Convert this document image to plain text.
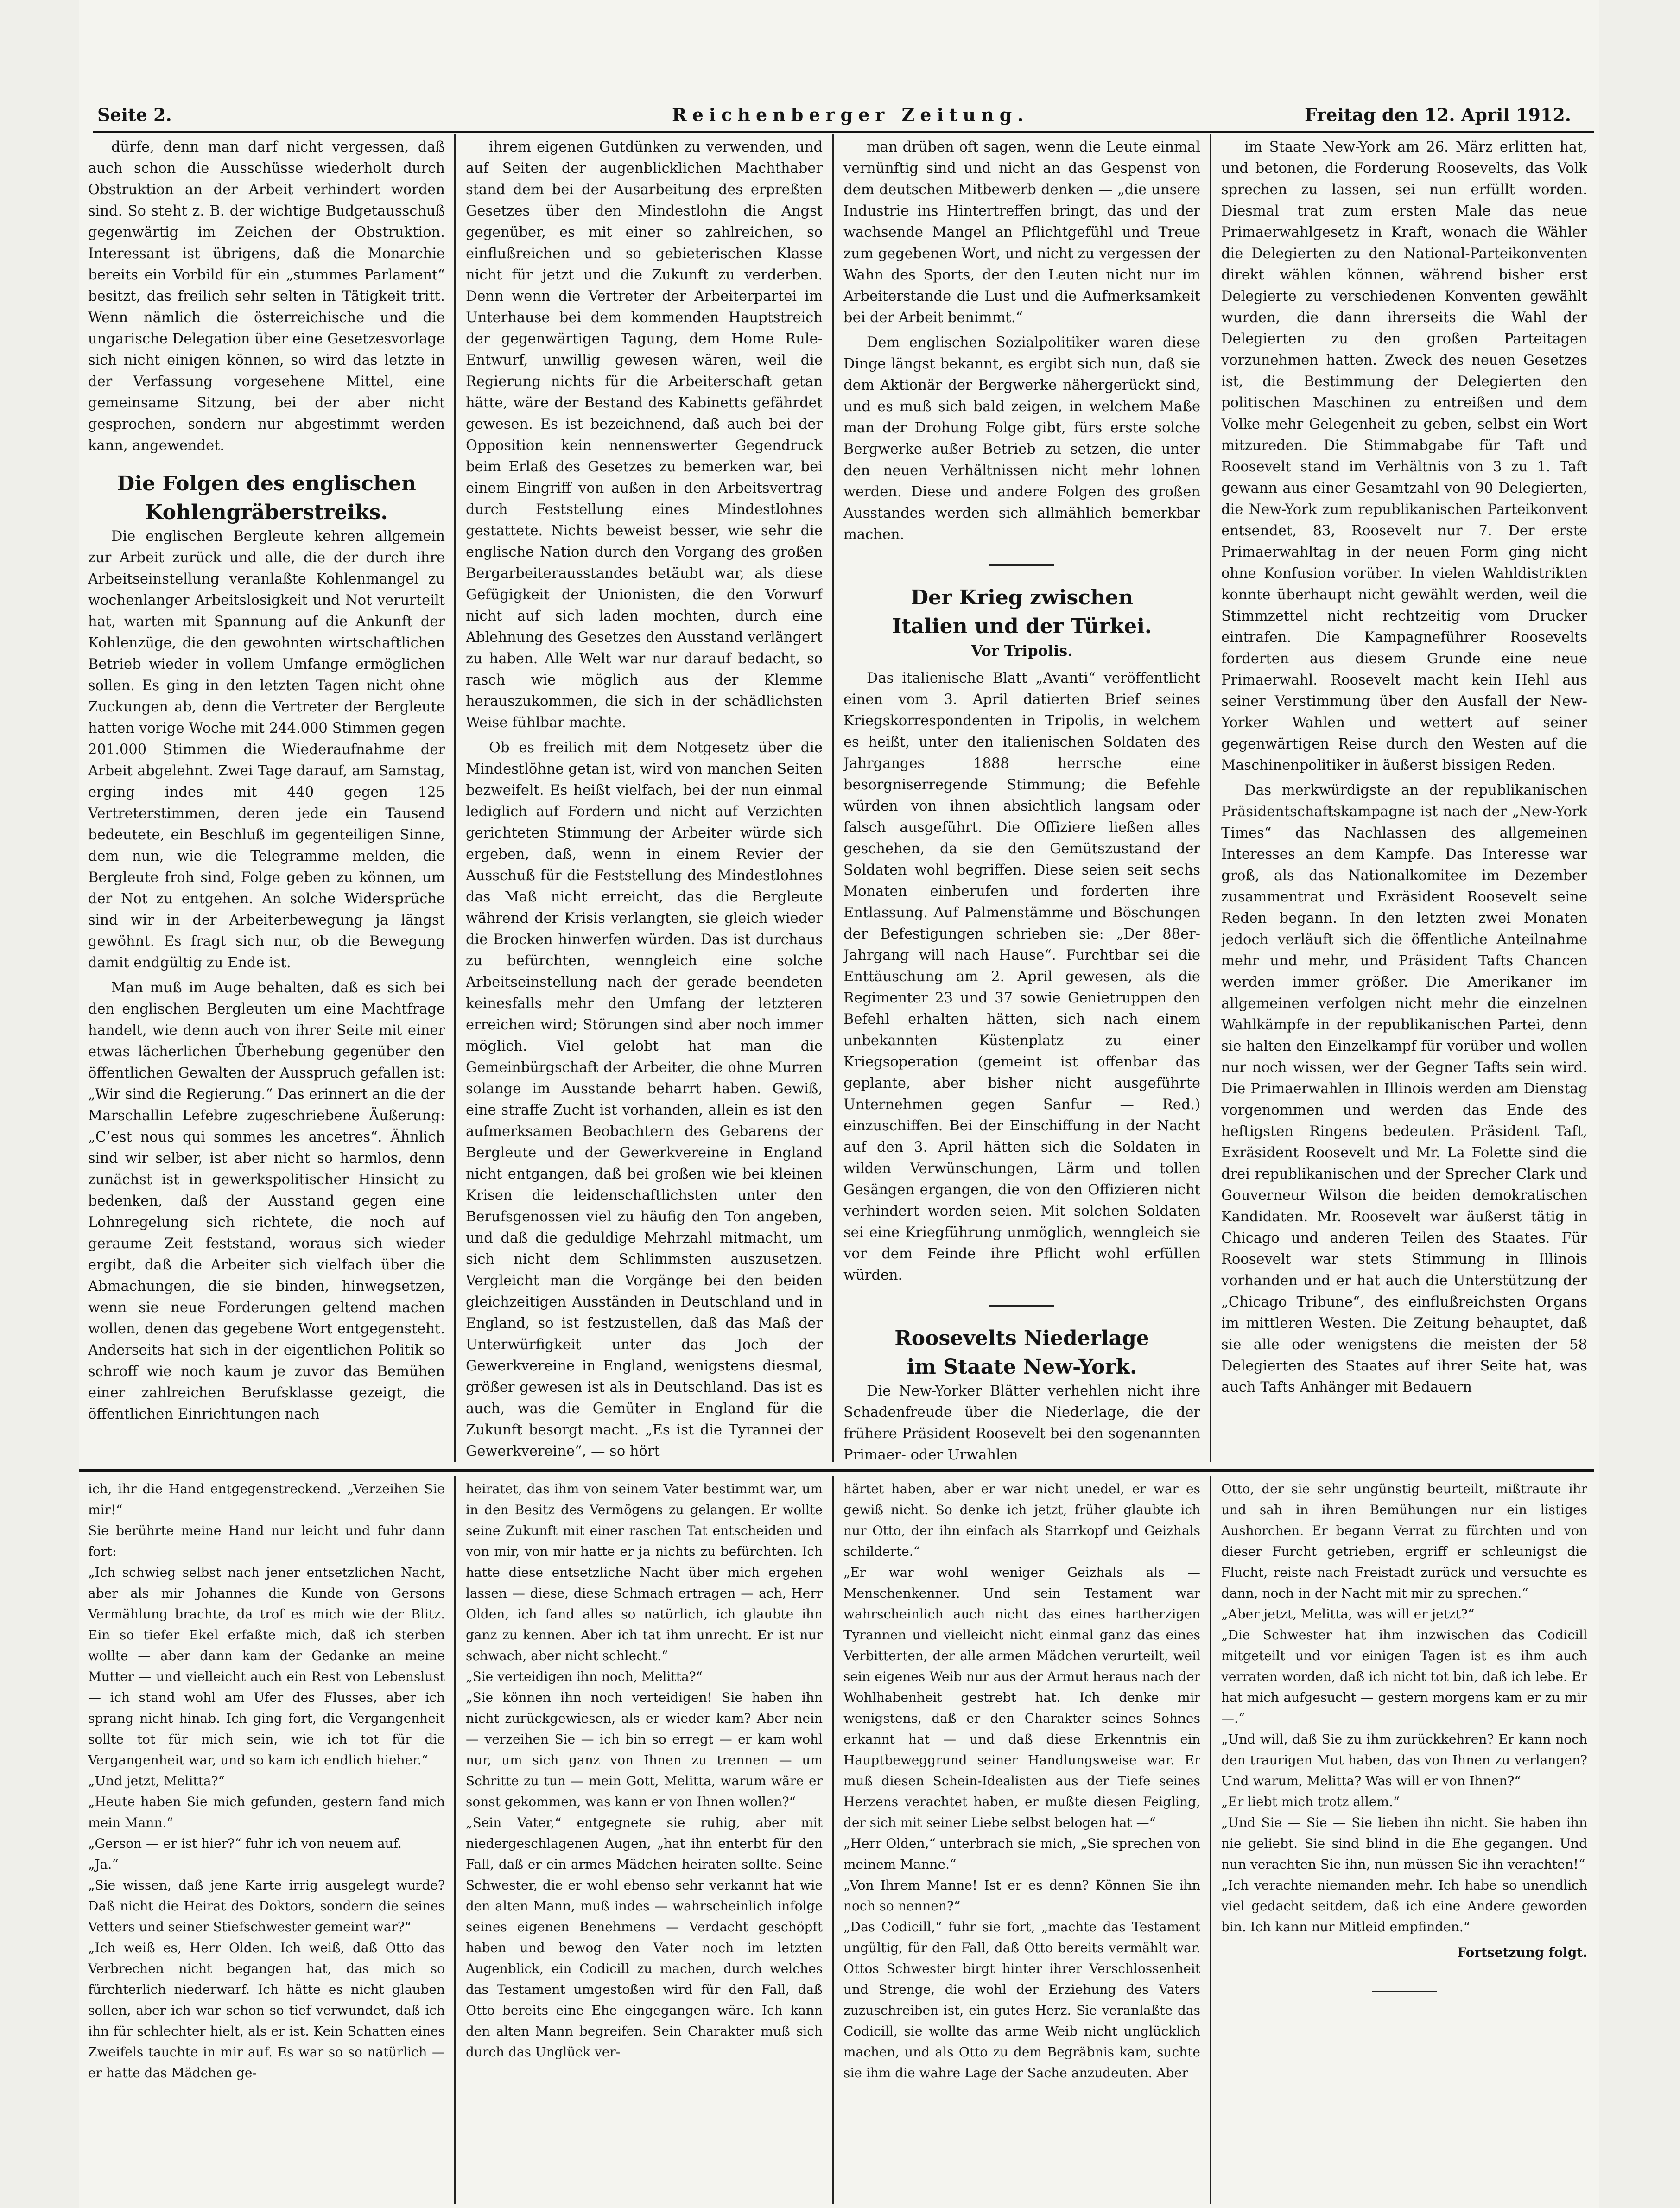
Seite 2.	Reichenberger Zeitung.	Freitag den 12. April 1912.

dürfe, denn man darf nicht vergessen, daß auch schon die Ausschüsse wiederholt durch Obstruktion an der Arbeit verhindert worden sind. So steht z. B. der wichtige Budgetausschuß gegenwärtig im Zeichen der Obstruktion. Interessant ist übrigens, daß die Monarchie bereits ein Vorbild für ein „stummes Parlament“ besitzt, das freilich sehr selten in Tätigkeit tritt. Wenn nämlich die österreichische und die ungarische Delegation über eine Gesetzesvorlage sich nicht einigen können, so wird das letzte in der Verfassung vorgesehene Mittel, eine gemeinsame Sitzung, bei der aber nicht gesprochen, sondern nur abgestimmt werden kann, angewendet.

Die Folgen des englischen
Kohlengräberstreiks.

Die englischen Bergleute kehren allgemein zur Arbeit zurück und alle, die der durch ihre Arbeitseinstellung veranlaßte Kohlenmangel zu wochenlanger Arbeitslosigkeit und Not verurteilt hat, warten mit Spannung auf die Ankunft der Kohlenzüge, die den gewohnten wirtschaftlichen Betrieb wieder in vollem Umfange ermöglichen sollen. Es ging in den letzten Tagen nicht ohne Zuckungen ab, denn die Vertreter der Bergleute hatten vorige Woche mit 244.000 Stimmen gegen 201.000 Stimmen die Wiederaufnahme der Arbeit abgelehnt. Zwei Tage darauf, am Samstag, erging indes mit 440 gegen 125 Vertreterstimmen, deren jede ein Tausend bedeutete, ein Beschluß im gegenteiligen Sinne, dem nun, wie die Telegramme melden, die Bergleute froh sind, Folge geben zu können, um der Not zu entgehen. An solche Widersprüche sind wir in der Arbeiterbewegung ja längst gewöhnt. Es fragt sich nur, ob die Bewegung damit endgültig zu Ende ist.

Man muß im Auge behalten, daß es sich bei den englischen Bergleuten um eine Machtfrage handelt, wie denn auch von ihrer Seite mit einer etwas lächerlichen Überhebung gegenüber den öffentlichen Gewalten der Ausspruch gefallen ist: „Wir sind die Regierung.“ Das erinnert an die der Marschallin Lefebre zugeschriebene Äußerung: „C’est nous qui sommes les ancetres“. Ähnlich sind wir selber, ist aber nicht so harmlos, denn zunächst ist in gewerkspolitischer Hinsicht zu bedenken, daß der Ausstand gegen eine Lohnregelung sich richtete, die noch auf geraume Zeit feststand, woraus sich wieder ergibt, daß die Arbeiter sich vielfach über die Abmachungen, die sie binden, hinwegsetzen, wenn sie neue Forderungen geltend machen wollen, denen das gegebene Wort entgegensteht. Anderseits hat sich in der eigentlichen Politik so schroff wie noch kaum je zuvor das Bemühen einer zahlreichen Berufsklasse gezeigt, die öffentlichen Einrichtungen nach

ihrem eigenen Gutdünken zu verwenden, und auf Seiten der augenblicklichen Machthaber stand dem bei der Ausarbeitung des erpreßten Gesetzes über den Mindestlohn die Angst gegenüber, es mit einer so zahlreichen, so einflußreichen und so gebieterischen Klasse nicht für jetzt und die Zukunft zu verderben. Denn wenn die Vertreter der Arbeiterpartei im Unterhause bei dem kommenden Hauptstreich der gegenwärtigen Tagung, dem Home Rule-Entwurf, unwillig gewesen wären, weil die Regierung nichts für die Arbeiterschaft getan hätte, wäre der Bestand des Kabinetts gefährdet gewesen. Es ist bezeichnend, daß auch bei der Opposition kein nennenswerter Gegendruck beim Erlaß des Gesetzes zu bemerken war, bei einem Eingriff von außen in den Arbeitsvertrag durch Feststellung eines Mindestlohnes gestattete. Nichts beweist besser, wie sehr die englische Nation durch den Vorgang des großen Bergarbeiterausstandes betäubt war, als diese Gefügigkeit der Unionisten, die den Vorwurf nicht auf sich laden mochten, durch eine Ablehnung des Gesetzes den Ausstand verlängert zu haben. Alle Welt war nur darauf bedacht, so rasch wie möglich aus der Klemme herauszukommen, die sich in der schädlichsten Weise fühlbar machte.

Ob es freilich mit dem Notgesetz über die Mindestlöhne getan ist, wird von manchen Seiten bezweifelt. Es heißt vielfach, bei der nun einmal lediglich auf Fordern und nicht auf Verzichten gerichteten Stimmung der Arbeiter würde sich ergeben, daß, wenn in einem Revier der Ausschuß für die Feststellung des Mindestlohnes das Maß nicht erreicht, das die Bergleute während der Krisis verlangten, sie gleich wieder die Brocken hinwerfen würden. Das ist durchaus zu befürchten, wenngleich eine solche Arbeitseinstellung nach der gerade beendeten keinesfalls mehr den Umfang der letzteren erreichen wird; Störungen sind aber noch immer möglich. Viel gelobt hat man die Gemeinbürgschaft der Arbeiter, die ohne Murren solange im Ausstande beharrt haben. Gewiß, eine straffe Zucht ist vorhanden, allein es ist den aufmerksamen Beobachtern des Gebarens der Bergleute und der Gewerkvereine in England nicht entgangen, daß bei großen wie bei kleinen Krisen die leidenschaftlichsten unter den Berufsgenossen viel zu häufig den Ton angeben, und daß die geduldige Mehrzahl mitmacht, um sich nicht dem Schlimmsten auszusetzen. Vergleicht man die Vorgänge bei den beiden gleichzeitigen Ausständen in Deutschland und in England, so ist festzustellen, daß das Maß der Unterwürfigkeit unter das Joch der Gewerkvereine in England, wenigstens diesmal, größer gewesen ist als in Deutschland. Das ist es auch, was die Gemüter in England für die Zukunft besorgt macht. „Es ist die Tyrannei der Gewerkvereine“, — so hört

man drüben oft sagen, wenn die Leute einmal vernünftig sind und nicht an das Gespenst von dem deutschen Mitbewerb denken — „die unsere Industrie ins Hintertreffen bringt, das und der wachsende Mangel an Pflichtgefühl und Treue zum gegebenen Wort, und nicht zu vergessen der Wahn des Sports, der den Leuten nicht nur im Arbeiterstande die Lust und die Aufmerksamkeit bei der Arbeit benimmt.“

Dem englischen Sozialpolitiker waren diese Dinge längst bekannt, es ergibt sich nun, daß sie dem Aktionär der Bergwerke nähergerückt sind, und es muß sich bald zeigen, in welchem Maße man der Drohung Folge gibt, fürs erste solche Bergwerke außer Betrieb zu setzen, die unter den neuen Verhältnissen nicht mehr lohnen werden. Diese und andere Folgen des großen Ausstandes werden sich allmählich bemerkbar machen.

Der Krieg zwischen
Italien und der Türkei.
Vor Tripolis.

Das italienische Blatt „Avanti“ veröffentlicht einen vom 3. April datierten Brief seines Kriegskorrespondenten in Tripolis, in welchem es heißt, unter den italienischen Soldaten des Jahrganges 1888 herrsche eine besorgniserregende Stimmung; die Befehle würden von ihnen absichtlich langsam oder falsch ausgeführt. Die Offiziere ließen alles geschehen, da sie den Gemütszustand der Soldaten wohl begriffen. Diese seien seit sechs Monaten einberufen und forderten ihre Entlassung. Auf Palmenstämme und Böschungen der Befestigungen schrieben sie: „Der 88er-Jahrgang will nach Hause“. Furchtbar sei die Enttäuschung am 2. April gewesen, als die Regimenter 23 und 37 sowie Genietruppen den Befehl erhalten hätten, sich nach einem unbekannten Küstenplatz zu einer Kriegsoperation (gemeint ist offenbar das geplante, aber bisher nicht ausgeführte Unternehmen gegen Sanfur — Red.) einzuschiffen. Bei der Einschiffung in der Nacht auf den 3. April hätten sich die Soldaten in wilden Verwünschungen, Lärm und tollen Gesängen ergangen, die von den Offizieren nicht verhindert worden seien. Mit solchen Soldaten sei eine Kriegführung unmöglich, wenngleich sie vor dem Feinde ihre Pflicht wohl erfüllen würden.

Roosevelts Niederlage
im Staate New-York.

Die New-Yorker Blätter verhehlen nicht ihre Schadenfreude über die Niederlage, die der frühere Präsident Roosevelt bei den sogenannten Primaer- oder Urwahlen

im Staate New-York am 26. März erlitten hat, und betonen, die Forderung Roosevelts, das Volk sprechen zu lassen, sei nun erfüllt worden. Diesmal trat zum ersten Male das neue Primaerwahlgesetz in Kraft, wonach die Wähler die Delegierten zu den National-Parteikonventen direkt wählen können, während bisher erst Delegierte zu verschiedenen Konventen gewählt wurden, die dann ihrerseits die Wahl der Delegierten zu den großen Parteitagen vorzunehmen hatten. Zweck des neuen Gesetzes ist, die Bestimmung der Delegierten den politischen Maschinen zu entreißen und dem Volke mehr Gelegenheit zu geben, selbst ein Wort mitzureden. Die Stimmabgabe für Taft und Roosevelt stand im Verhältnis von 3 zu 1. Taft gewann aus einer Gesamtzahl von 90 Delegierten, die New-York zum republikanischen Parteikonvent entsendet, 83, Roosevelt nur 7. Der erste Primaerwahltag in der neuen Form ging nicht ohne Konfusion vorüber. In vielen Wahldistrikten konnte überhaupt nicht gewählt werden, weil die Stimmzettel nicht rechtzeitig vom Drucker eintrafen. Die Kampagneführer Roosevelts forderten aus diesem Grunde eine neue Primaerwahl. Roosevelt macht kein Hehl aus seiner Verstimmung über den Ausfall der New-Yorker Wahlen und wettert auf seiner gegenwärtigen Reise durch den Westen auf die Maschinenpolitiker in äußerst bissigen Reden.

Das merkwürdigste an der republikanischen Präsidentschaftskampagne ist nach der „New-York Times“ das Nachlassen des allgemeinen Interesses an dem Kampfe. Das Interesse war groß, als das Nationalkomitee im Dezember zusammentrat und Exräsident Roosevelt seine Reden begann. In den letzten zwei Monaten jedoch verläuft sich die öffentliche Anteilnahme mehr und mehr, und Präsident Tafts Chancen werden immer größer. Die Amerikaner im allgemeinen verfolgen nicht mehr die einzelnen Wahlkämpfe in der republikanischen Partei, denn sie halten den Einzelkampf für vorüber und wollen nur noch wissen, wer der Gegner Tafts sein wird. Die Primaerwahlen in Illinois werden am Dienstag vorgenommen und werden das Ende des heftigsten Ringens bedeuten. Präsident Taft, Exräsident Roosevelt und Mr. La Folette sind die drei republikanischen und der Sprecher Clark und Gouverneur Wilson die beiden demokratischen Kandidaten. Mr. Roosevelt war äußerst tätig in Chicago und anderen Teilen des Staates. Für Roosevelt war stets Stimmung in Illinois vorhanden und er hat auch die Unterstützung der „Chicago Tribune“, des einflußreichsten Organs im mittleren Westen. Die Zeitung behauptet, daß sie alle oder wenigstens die meisten der 58 Delegierten des Staates auf ihrer Seite hat, was auch Tafts Anhänger mit Bedauern

ich, ihr die Hand entgegenstreckend. „Verzeihen Sie mir!“
Sie berührte meine Hand nur leicht und fuhr dann fort:
„Ich schwieg selbst nach jener entsetzlichen Nacht, aber als mir Johannes die Kunde von Gersons Vermählung brachte, da trof es mich wie der Blitz. Ein so tiefer Ekel erfaßte mich, daß ich sterben wollte — aber dann kam der Gedanke an meine Mutter — und vielleicht auch ein Rest von Lebenslust — ich stand wohl am Ufer des Flusses, aber ich sprang nicht hinab. Ich ging fort, die Vergangenheit sollte tot für mich sein, wie ich tot für die Vergangenheit war, und so kam ich endlich hieher.“
„Und jetzt, Melitta?“
„Heute haben Sie mich gefunden, gestern fand mich mein Mann.“
„Gerson — er ist hier?“ fuhr ich von neuem auf.
„Ja.“
„Sie wissen, daß jene Karte irrig ausgelegt wurde? Daß nicht die Heirat des Doktors, sondern die seines Vetters und seiner Stiefschwester gemeint war?“
„Ich weiß es, Herr Olden. Ich weiß, daß Otto das Verbrechen nicht begangen hat, das mich so fürchterlich niederwarf. Ich hätte es nicht glauben sollen, aber ich war schon so tief verwundet, daß ich ihn für schlechter hielt, als er ist. Kein Schatten eines Zweifels tauchte in mir auf. Es war so so natürlich — er hatte das Mädchen ge-
heiratet, das ihm von seinem Vater bestimmt war, um in den Besitz des Vermögens zu gelangen. Er wollte seine Zukunft mit einer raschen Tat entscheiden und von mir, von mir hatte er ja nichts zu befürchten. Ich hatte diese entsetzliche Nacht über mich ergehen lassen — diese, diese Schmach ertragen — ach, Herr Olden, ich fand alles so natürlich, ich glaubte ihn ganz zu kennen. Aber ich tat ihm unrecht. Er ist nur schwach, aber nicht schlecht.“
„Sie verteidigen ihn noch, Melitta?“
„Sie können ihn noch verteidigen! Sie haben ihn nicht zurückgewiesen, als er wieder kam? Aber nein — verzeihen Sie — ich bin so erregt — er kam wohl nur, um sich ganz von Ihnen zu trennen — um Schritte zu tun — mein Gott, Melitta, warum wäre er sonst gekommen, was kann er von Ihnen wollen?“
„Sein Vater,“ entgegnete sie ruhig, aber mit niedergeschlagenen Augen, „hat ihn enterbt für den Fall, daß er ein armes Mädchen heiraten sollte. Seine Schwester, die er wohl ebenso sehr verkannt hat wie den alten Mann, muß indes — wahrscheinlich infolge seines eigenen Benehmens — Verdacht geschöpft haben und bewog den Vater noch im letzten Augenblick, ein Codicill zu machen, durch welches das Testament umgestoßen wird für den Fall, daß Otto bereits eine Ehe eingegangen wäre. Ich kann den alten Mann begreifen. Sein Charakter muß sich durch das Unglück ver-
härtet haben, aber er war nicht unedel, er war es gewiß nicht. So denke ich jetzt, früher glaubte ich nur Otto, der ihn einfach als Starrkopf und Geizhals schilderte.“
„Er war wohl weniger Geizhals als — Menschenkenner. Und sein Testament war wahrscheinlich auch nicht das eines hartherzigen Tyrannen und vielleicht nicht einmal ganz das eines Verbitterten, der alle armen Mädchen verurteilt, weil sein eigenes Weib nur aus der Armut heraus nach der Wohlhabenheit gestrebt hat. Ich denke mir wenigstens, daß er den Charakter seines Sohnes erkannt hat — und daß diese Erkenntnis ein Hauptbeweggrund seiner Handlungsweise war. Er muß diesen Schein-Idealisten aus der Tiefe seines Herzens verachtet haben, er mußte diesen Feigling, der sich mit seiner Liebe selbst belogen hat —“
„Herr Olden,“ unterbrach sie mich, „Sie sprechen von meinem Manne.“
„Von Ihrem Manne! Ist er es denn? Können Sie ihn noch so nennen?“
„Das Codicill,“ fuhr sie fort, „machte das Testament ungültig, für den Fall, daß Otto bereits vermählt war. Ottos Schwester birgt hinter ihrer Verschlossenheit und Strenge, die wohl der Erziehung des Vaters zuzuschreiben ist, ein gutes Herz. Sie veranlaßte das Codicill, sie wollte das arme Weib nicht unglücklich machen, und als Otto zu dem Begräbnis kam, suchte sie ihm die wahre Lage der Sache anzudeuten. Aber
Otto, der sie sehr ungünstig beurteilt, mißtraute ihr und sah in ihren Bemühungen nur ein listiges Aushorchen. Er begann Verrat zu fürchten und von dieser Furcht getrieben, ergriff er schleunigst die Flucht, reiste nach Freistadt zurück und versuchte es dann, noch in der Nacht mit mir zu sprechen.“
„Aber jetzt, Melitta, was will er jetzt?“
„Die Schwester hat ihm inzwischen das Codicill mitgeteilt und vor einigen Tagen ist es ihm auch verraten worden, daß ich nicht tot bin, daß ich lebe. Er hat mich aufgesucht — gestern morgens kam er zu mir —.“
„Und will, daß Sie zu ihm zurückkehren? Er kann noch den traurigen Mut haben, das von Ihnen zu verlangen? Und warum, Melitta? Was will er von Ihnen?“
„Er liebt mich trotz allem.“
„Und Sie — Sie — Sie lieben ihn nicht. Sie haben ihn nie geliebt. Sie sind blind in die Ehe gegangen. Und nun verachten Sie ihn, nun müssen Sie ihn verachten!“
„Ich verachte niemanden mehr. Ich habe so unendlich viel gedacht seitdem, daß ich eine Andere geworden bin. Ich kann nur Mitleid empfinden.“
Fortsetzung folgt.
